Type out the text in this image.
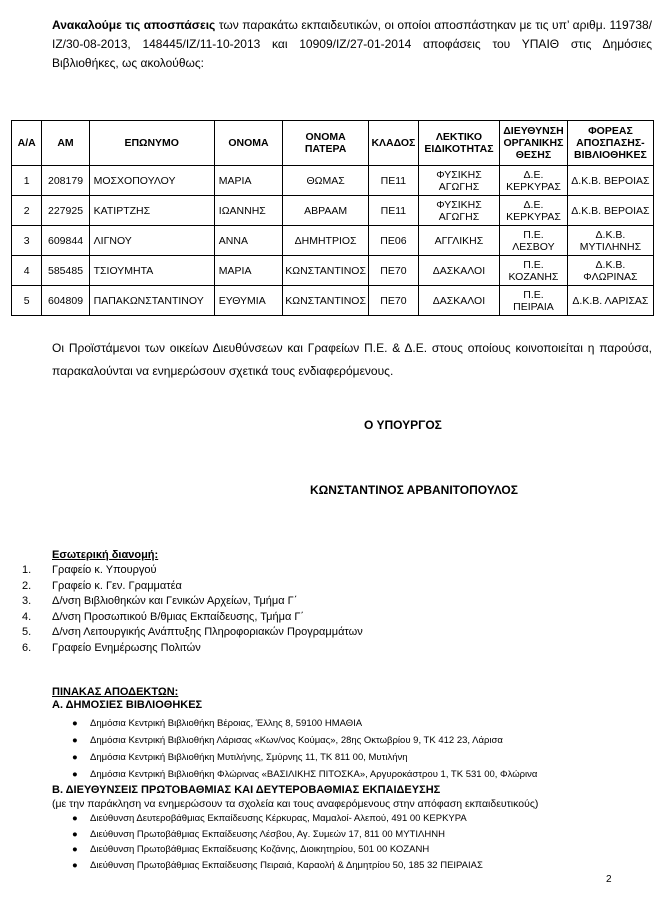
Ανακαλούμε τις αποσπάσεις των παρακάτω εκπαιδευτικών, οι οποίοι αποσπάστηκαν με τις υπ’ αριθμ. 119738/ΙΖ/30-08-2013, 148445/ΙΖ/11-10-2013 και 10909/ΙΖ/27-01-2014 αποφάσεις του ΥΠΑΙΘ στις Δημόσιες Βιβλιοθήκες, ως ακολούθως:
Α/Α	ΑΜ	ΕΠΩΝΥΜΟ	ΟΝΟΜΑ	ΟΝΟΜΑ ΠΑΤΕΡΑ	ΚΛΑΔΟΣ	ΛΕΚΤΙΚΟ ΕΙΔΙΚΟΤΗΤΑΣ	ΔΙΕΥΘΥΝΣΗ ΟΡΓΑΝΙΚΗΣ ΘΕΣΗΣ	ΦΟΡΕΑΣ ΑΠΟΣΠΑΣΗΣ-ΒΙΒΛΙΟΘΗΚΕΣ
1	208179	ΜΟΣΧΟΠΟΥΛΟΥ	ΜΑΡΙΑ	ΘΩΜΑΣ	ΠΕ11	ΦΥΣΙΚΗΣ ΑΓΩΓΗΣ	Δ.Ε. ΚΕΡΚΥΡΑΣ	Δ.Κ.Β. ΒΕΡΟΙΑΣ
2	227925	ΚΑΤΙΡΤΖΗΣ	ΙΩΑΝΝΗΣ	ΑΒΡΑΑΜ	ΠΕ11	ΦΥΣΙΚΗΣ ΑΓΩΓΗΣ	Δ.Ε. ΚΕΡΚΥΡΑΣ	Δ.Κ.Β. ΒΕΡΟΙΑΣ
3	609844	ΛΙΓΝΟΥ	ΑΝΝΑ	ΔΗΜΗΤΡΙΟΣ	ΠΕ06	ΑΓΓΛΙΚΗΣ	Π.Ε. ΛΕΣΒΟΥ	Δ.Κ.Β. ΜΥΤΙΛΗΝΗΣ
4	585485	ΤΣΙΟΥΜΗΤΑ	ΜΑΡΙΑ	ΚΩΝΣΤΑΝΤΙΝΟΣ	ΠΕ70	ΔΑΣΚΑΛΟΙ	Π.Ε. ΚΟΖΑΝΗΣ	Δ.Κ.Β. ΦΛΩΡΙΝΑΣ
5	604809	ΠΑΠΑΚΩΝΣΤΑΝΤΙΝΟΥ	ΕΥΘΥΜΙΑ	ΚΩΝΣΤΑΝΤΙΝΟΣ	ΠΕ70	ΔΑΣΚΑΛΟΙ	Π.Ε. ΠΕΙΡΑΙΑ	Δ.Κ.Β. ΛΑΡΙΣΑΣ
Οι Προϊστάμενοι των οικείων Διευθύνσεων και Γραφείων Π.Ε. & Δ.Ε. στους οποίους κοινοποιείται η παρούσα, παρακαλούνται να ενημερώσουν σχετικά τους ενδιαφερόμενους.
Ο ΥΠΟΥΡΓΟΣ
ΚΩΝΣΤΑΝΤΙΝΟΣ ΑΡΒΑΝΙΤΟΠΟΥΛΟΣ
Εσωτερική διανομή:
1.	Γραφείο κ. Υπουργού
2.	Γραφείο κ. Γεν. Γραμματέα
3.	Δ/νση Βιβλιοθηκών και Γενικών Αρχείων, Τμήμα Γ΄
4.	Δ/νση Προσωπικού Β/θμιας Εκπαίδευσης, Τμήμα Γ΄
5.	Δ/νση Λειτουργικής Ανάπτυξης Πληροφοριακών Προγραμμάτων
6.	Γραφείο Ενημέρωσης Πολιτών
ΠΙΝΑΚΑΣ ΑΠΟΔΕΚΤΩΝ:
Α. ΔΗΜΟΣΙΕΣ ΒΙΒΛΙΟΘΗΚΕΣ
● Δημόσια Κεντρική Βιβλιοθήκη Βέροιας, Έλλης 8, 59100 ΗΜΑΘΙΑ
● Δημόσια Κεντρική Βιβλιοθήκη Λάρισας «Κων/νος Κούμας», 28ης Οκτωβρίου 9, ΤΚ 412 23, Λάρισα
● Δημόσια Κεντρική Βιβλιοθήκη Μυτιλήνης, Σμύρνης 11, ΤΚ 811 00, Μυτιλήνη
● Δημόσια Κεντρική Βιβλιοθήκη Φλώρινας «ΒΑΣΙΛΙΚΗΣ ΠΙΤΟΣΚΑ», Αργυροκάστρου 1, ΤΚ 531 00, Φλώρινα
Β. ΔΙΕΥΘΥΝΣΕΙΣ ΠΡΩΤΟΒΑΘΜΙΑΣ ΚΑΙ ΔΕΥΤΕΡΟΒΑΘΜΙΑΣ ΕΚΠΑΙΔΕΥΣΗΣ
(με την παράκληση να ενημερώσουν τα σχολεία και τους αναφερόμενους στην απόφαση εκπαιδευτικούς)
● Διεύθυνση Δευτεροβάθμιας Εκπαίδευσης Κέρκυρας, Μαμαλοί- Αλεπού, 491 00 ΚΕΡΚΥΡΑ
● Διεύθυνση Πρωτοβάθμιας Εκπαίδευσης Λέσβου, Αγ. Συμεών 17, 811 00 ΜΥΤΙΛΗΝΗ
● Διεύθυνση Πρωτοβάθμιας Εκπαίδευσης Κοζάνης, Διοικητηρίου, 501 00 ΚΟΖΑΝΗ
● Διεύθυνση Πρωτοβάθμιας Εκπαίδευσης Πειραιά, Καραολή & Δημητρίου 50, 185 32 ΠΕΙΡΑΙΑΣ
2
